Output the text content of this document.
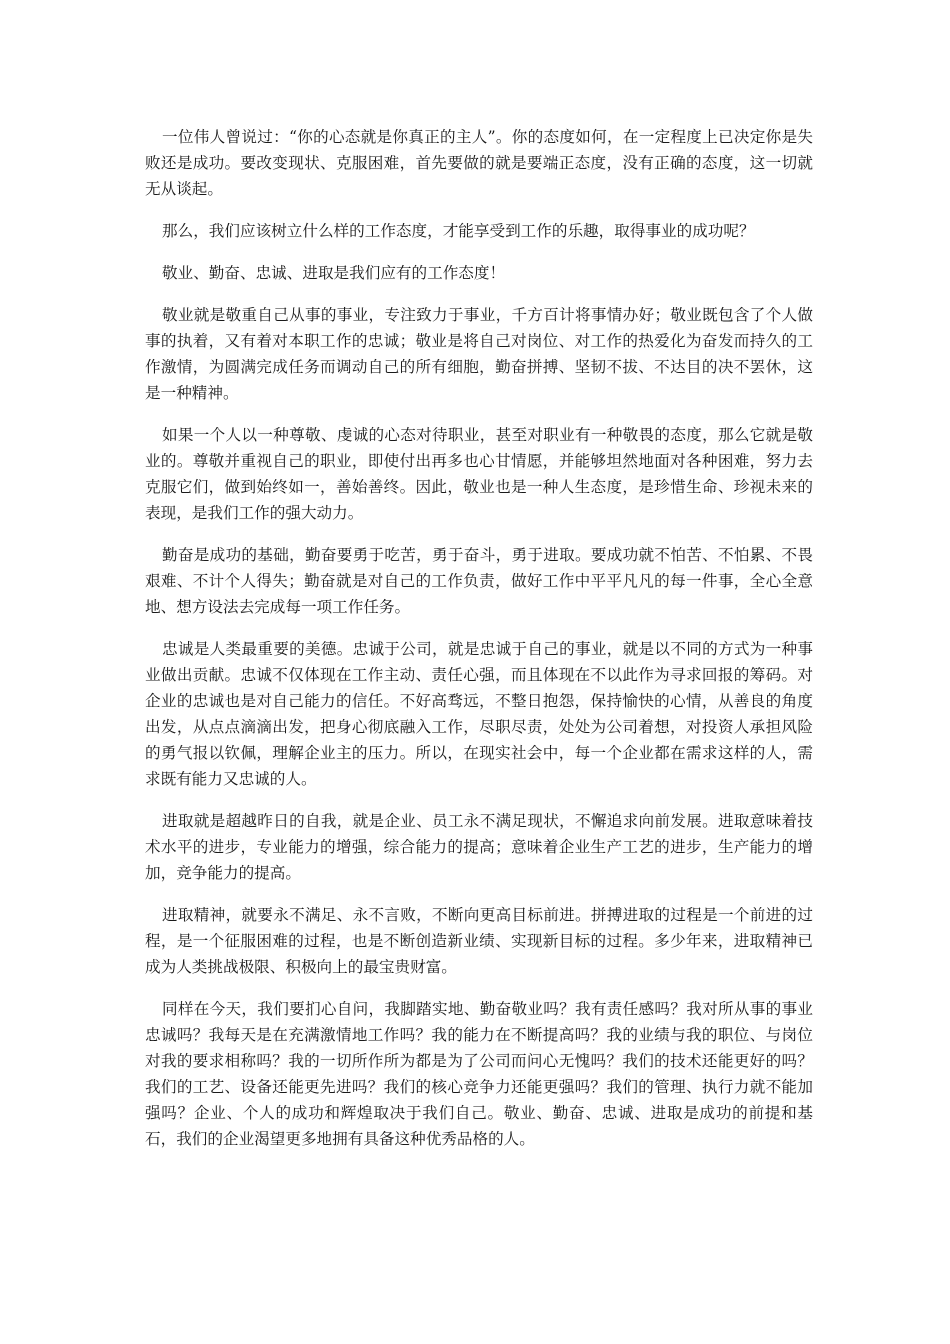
一位伟人曾说过：“你的心态就是你真正的主人”。你的态度如何，在一定程度上已决定你是失败还是成功。要改变现状、克服困难，首先要做的就是要端正态度，没有正确的态度，这一切就无从谈起。

那么，我们应该树立什么样的工作态度，才能享受到工作的乐趣，取得事业的成功呢？

敬业、勤奋、忠诚、进取是我们应有的工作态度！

敬业就是敬重自己从事的事业，专注致力于事业，千方百计将事情办好；敬业既包含了个人做事的执着，又有着对本职工作的忠诚；敬业是将自己对岗位、对工作的热爱化为奋发而持久的工作激情，为圆满完成任务而调动自己的所有细胞，勤奋拼搏、坚韧不拔、不达目的决不罢休，这是一种精神。

如果一个人以一种尊敬、虔诚的心态对待职业，甚至对职业有一种敬畏的态度，那么它就是敬业的。尊敬并重视自己的职业，即使付出再多也心甘情愿，并能够坦然地面对各种困难，努力去克服它们，做到始终如一，善始善终。因此，敬业也是一种人生态度，是珍惜生命、珍视未来的表现，是我们工作的强大动力。

勤奋是成功的基础，勤奋要勇于吃苦，勇于奋斗，勇于进取。要成功就不怕苦、不怕累、不畏艰难、不计个人得失；勤奋就是对自己的工作负责，做好工作中平平凡凡的每一件事，全心全意地、想方设法去完成每一项工作任务。

忠诚是人类最重要的美德。忠诚于公司，就是忠诚于自己的事业，就是以不同的方式为一种事业做出贡献。忠诚不仅体现在工作主动、责任心强，而且体现在不以此作为寻求回报的筹码。对企业的忠诚也是对自己能力的信任。不好高骛远，不整日抱怨，保持愉快的心情，从善良的角度出发，从点点滴滴出发，把身心彻底融入工作，尽职尽责，处处为公司着想，对投资人承担风险的勇气报以钦佩，理解企业主的压力。所以，在现实社会中，每一个企业都在需求这样的人，需求既有能力又忠诚的人。

进取就是超越昨日的自我，就是企业、员工永不满足现状，不懈追求向前发展。进取意味着技术水平的进步，专业能力的增强，综合能力的提高；意味着企业生产工艺的进步，生产能力的增加，竞争能力的提高。

进取精神，就要永不满足、永不言败，不断向更高目标前进。拼搏进取的过程是一个前进的过程，是一个征服困难的过程，也是不断创造新业绩、实现新目标的过程。多少年来，进取精神已成为人类挑战极限、积极向上的最宝贵财富。

同样在今天，我们要扪心自问，我脚踏实地、勤奋敬业吗？我有责任感吗？我对所从事的事业忠诚吗？我每天是在充满激情地工作吗？我的能力在不断提高吗？我的业绩与我的职位、与岗位对我的要求相称吗？我的一切所作所为都是为了公司而问心无愧吗？我们的技术还能更好的吗？我们的工艺、设备还能更先进吗？我们的核心竞争力还能更强吗？我们的管理、执行力就不能加强吗？企业、个人的成功和辉煌取决于我们自己。敬业、勤奋、忠诚、进取是成功的前提和基石，我们的企业渴望更多地拥有具备这种优秀品格的人。
